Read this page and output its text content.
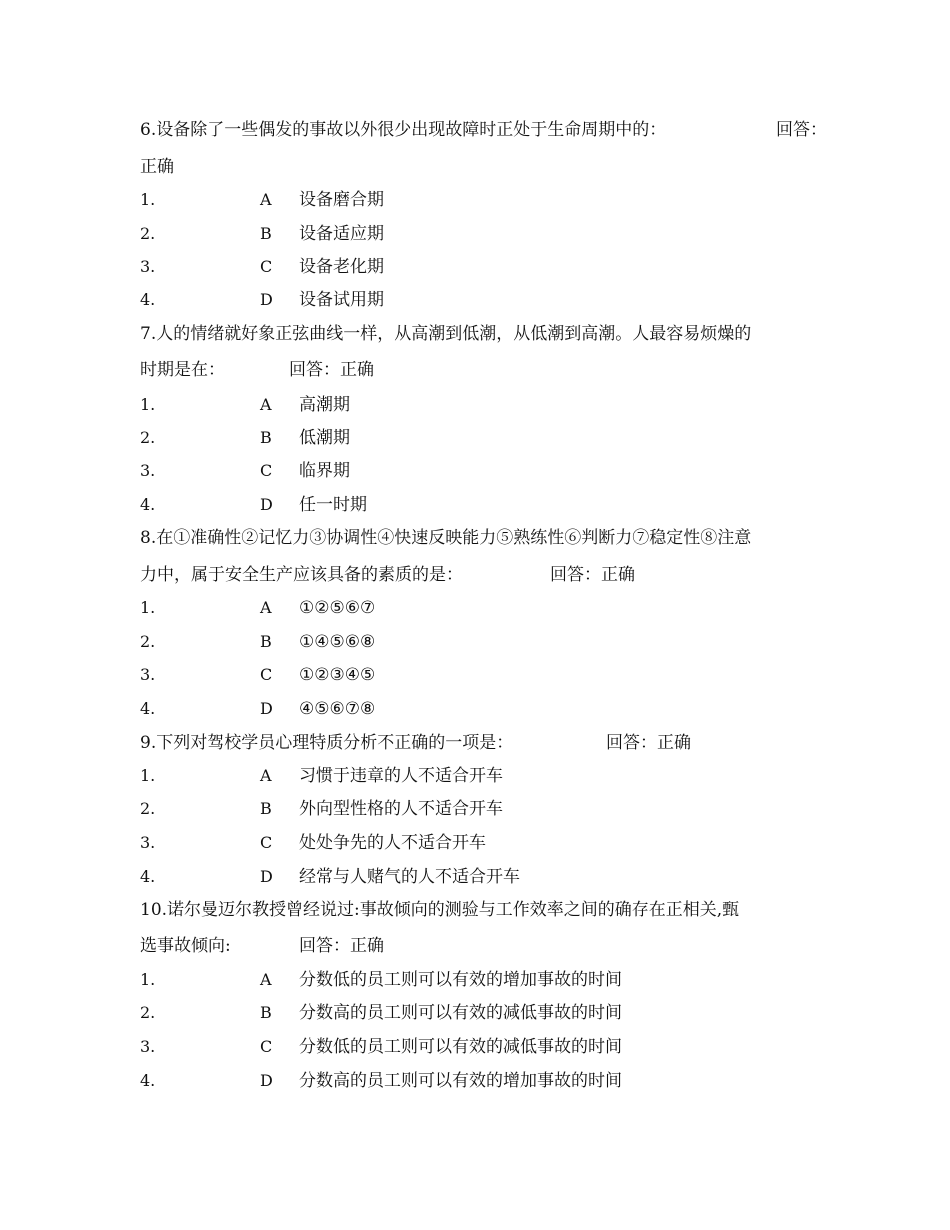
6.设备除了一些偶发的事故以外很少出现故障时正处于生命周期中的：	回答：
正确
1.	A 设备磨合期
2.	B 设备适应期
3.	C 设备老化期
4.	D 设备试用期
7.人的情绪就好象正弦曲线一样，从高潮到低潮，从低潮到高潮。人最容易烦燥的
时期是在：	回答：正确
1.	A 高潮期
2.	B 低潮期
3.	C 临界期
4.	D 任一时期
8.在①准确性②记忆力③协调性④快速反映能力⑤熟练性⑥判断力⑦稳定性⑧注意
力中，属于安全生产应该具备的素质的是：	回答：正确
1.	A ①②⑤⑥⑦
2.	B ①④⑤⑥⑧
3.	C ①②③④⑤
4.	D ④⑤⑥⑦⑧
9.下列对驾校学员心理特质分析不正确的一项是：	回答：正确
1.	A 习惯于违章的人不适合开车
2.	B 外向型性格的人不适合开车
3.	C 处处争先的人不适合开车
4.	D 经常与人赌气的人不适合开车
10.诺尔曼迈尔教授曾经说过:事故倾向的测验与工作效率之间的确存在正相关,甄
选事故倾向:	回答：正确
1.	A 分数低的员工则可以有效的增加事故的时间
2.	B 分数高的员工则可以有效的减低事故的时间
3.	C 分数低的员工则可以有效的减低事故的时间
4.	D 分数高的员工则可以有效的增加事故的时间
